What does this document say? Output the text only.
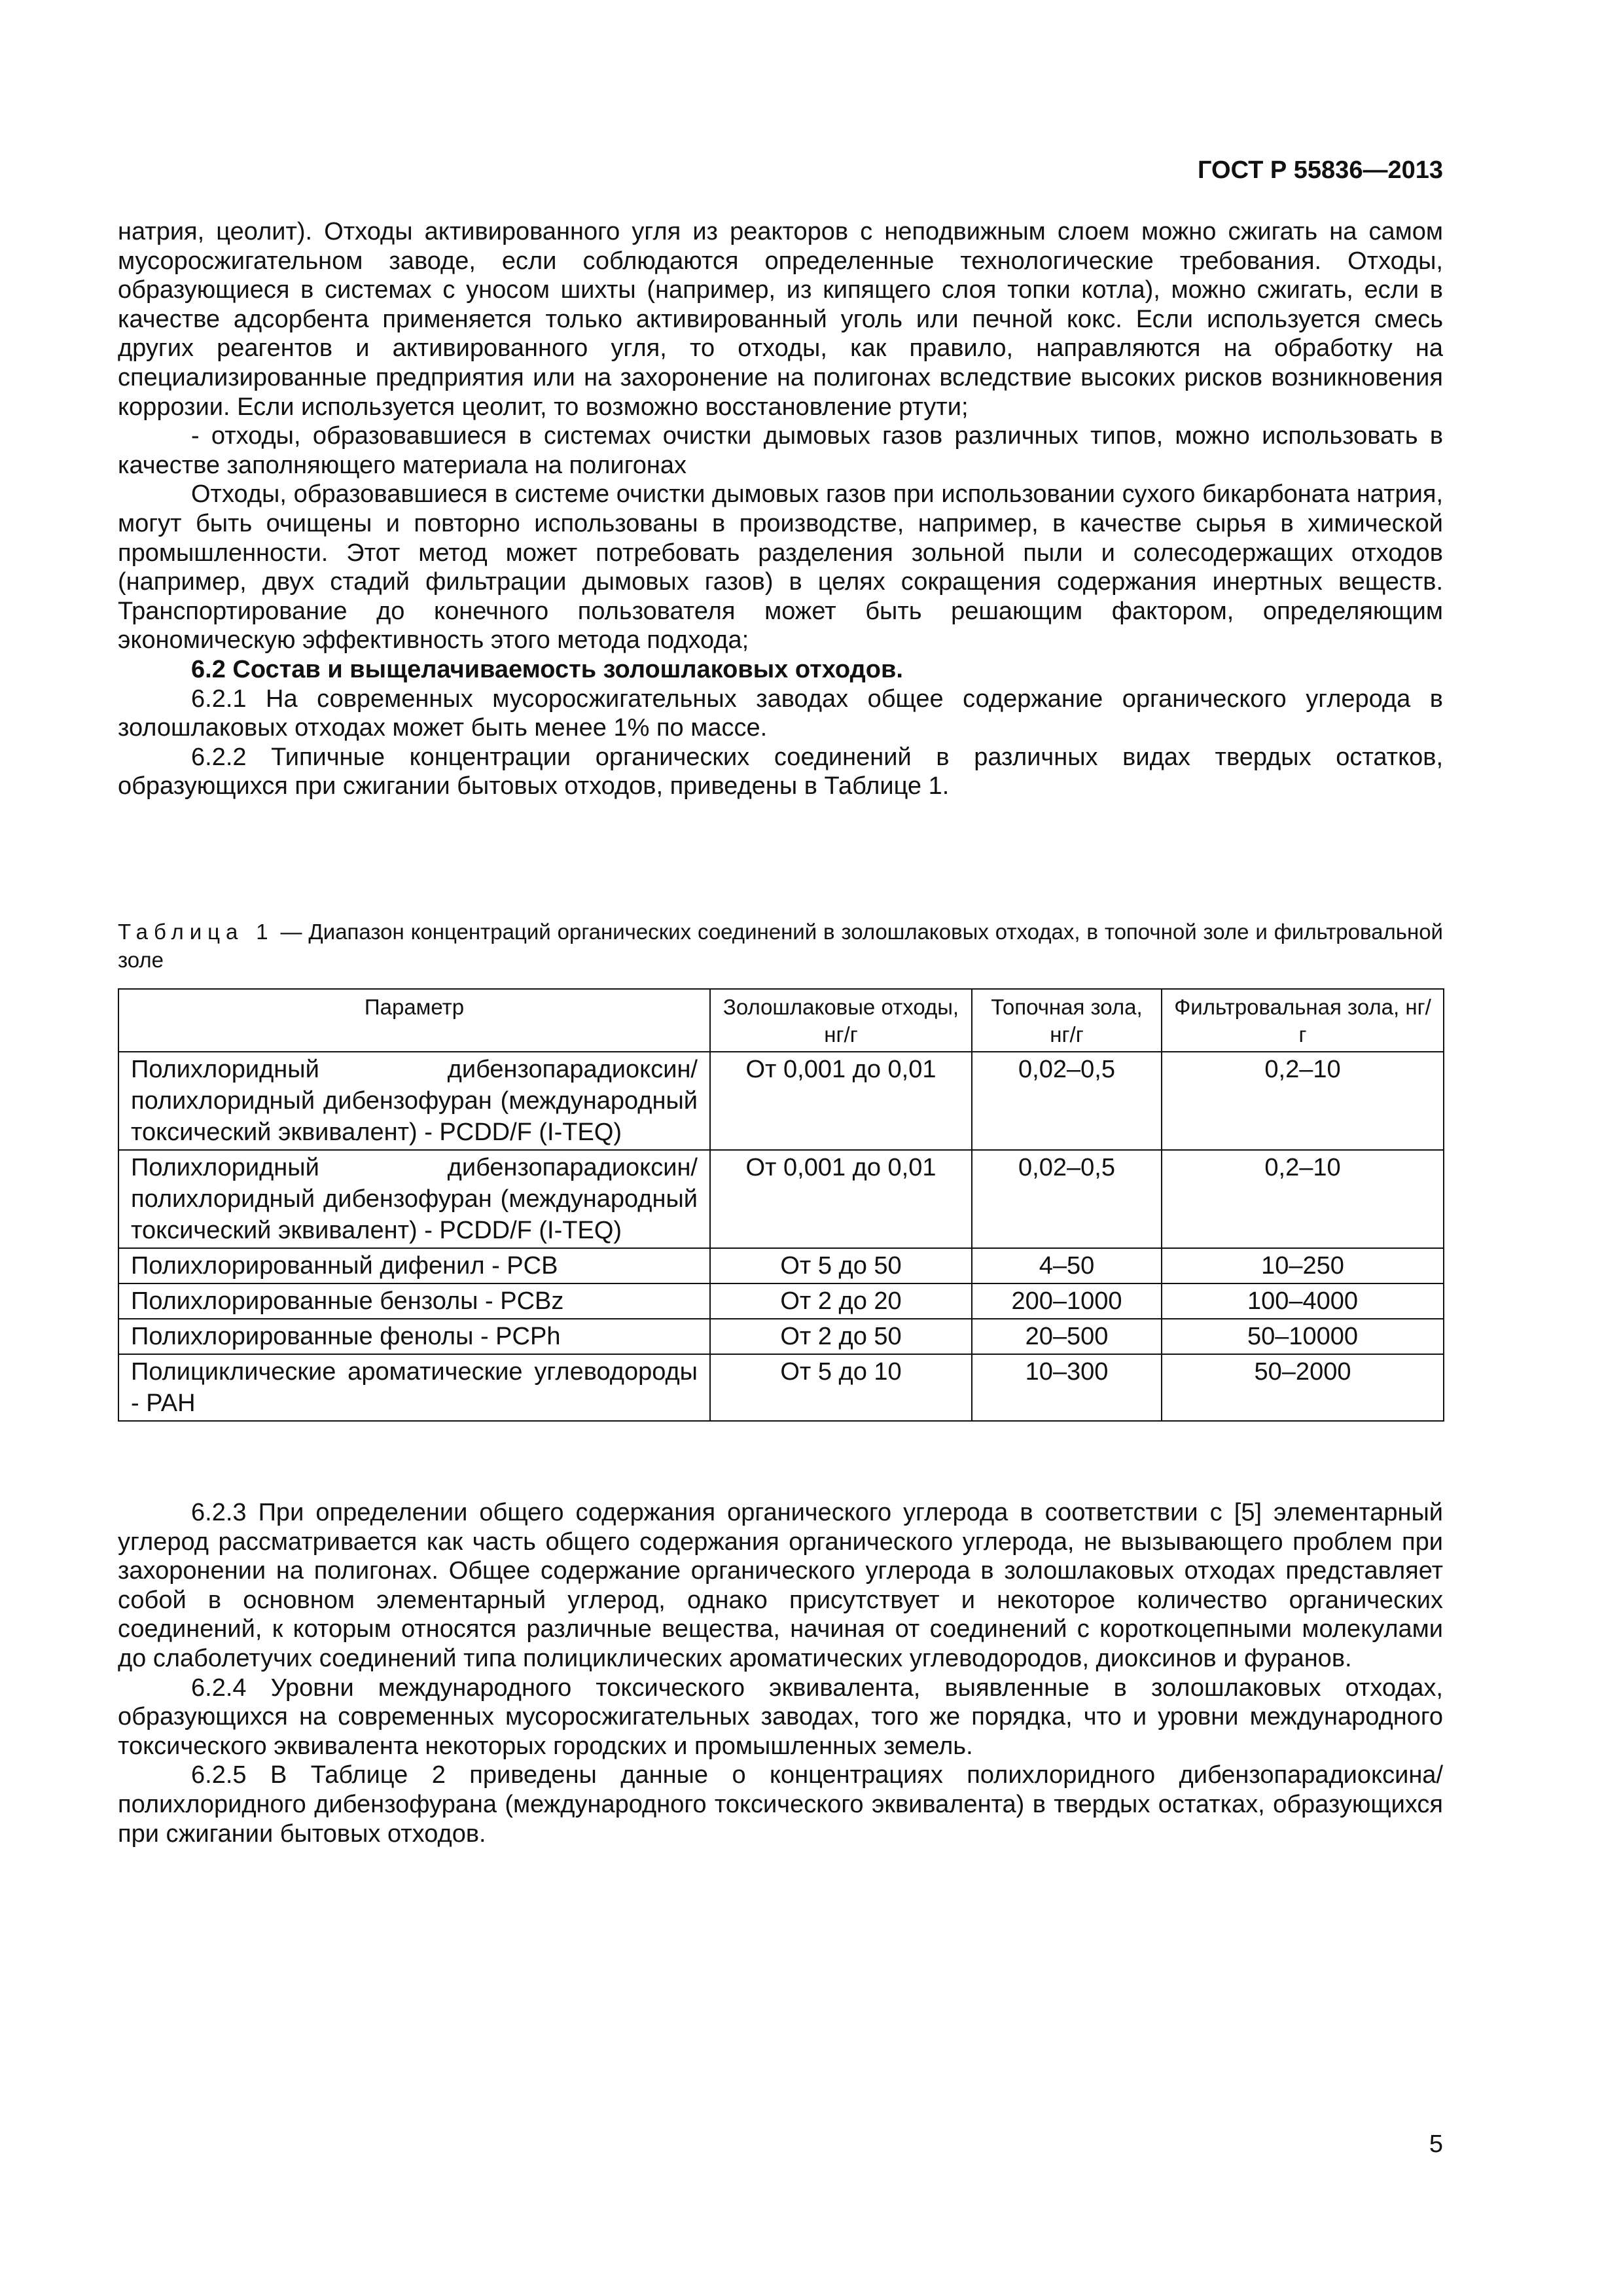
ГОСТ Р 55836—2013

натрия, цеолит). Отходы активированного угля из реакторов с неподвижным слоем можно сжигать на самом мусоросжигательном заводе, если соблюдаются определенные технологические требования. Отходы, образующиеся в системах с уносом шихты (например, из кипящего слоя топки котла), можно сжигать, если в качестве адсорбента применяется только активированный уголь или печной кокс. Если используется смесь других реагентов и активированного угля, то отходы, как правило, направляются на обработку на специализированные предприятия или на захоронение на полигонах вследствие высоких рисков возникновения коррозии. Если используется цеолит, то возможно восстановление ртути;

- отходы, образовавшиеся в системах очистки дымовых газов различных типов, можно использовать в качестве заполняющего материала на полигонах

Отходы, образовавшиеся в системе очистки дымовых газов при использовании сухого бикарбоната натрия, могут быть очищены и повторно использованы в производстве, например, в качестве сырья в химической промышленности. Этот метод может потребовать разделения зольной пыли и солесодержащих отходов (например, двух стадий фильтрации дымовых газов) в целях сокращения содержания инертных веществ. Транспортирование до конечного пользователя может быть решающим фактором, определяющим экономическую эффективность этого метода подхода;

6.2 Состав и выщелачиваемость золошлаковых отходов.

6.2.1 На современных мусоросжигательных заводах общее содержание органического углерода в золошлаковых отходах может быть менее 1% по массе.

6.2.2 Типичные концентрации органических соединений в различных видах твердых остатков, образующихся при сжигании бытовых отходов, приведены в Таблице 1.

Таблица 1 — Диапазон концентраций органических соединений в золошлаковых отходах, в топочной золе и фильтровальной золе
Параметр	Золошлаковые отходы, нг/г	Топочная зола, нг/г	Фильтровальная зола, нг/г
Полихлоридный дибензопарадиоксин/полихлоридный дибензофуран (международный токсический эквивалент) - PCDD/F (I-TEQ)	От 0,001 до 0,01	0,02–0,5	0,2–10
Полихлоридный дибензопарадиоксин/полихлоридный дибензофуран (международный токсический эквивалент) - PCDD/F (I-TEQ)	От 0,001 до 0,01	0,02–0,5	0,2–10
Полихлорированный дифенил - PCB	От 5 до 50	4–50	10–250
Полихлорированные бензолы - PCBz	От 2 до 20	200–1000	100–4000
Полихлорированные фенолы - PCPh	От 2 до 50	20–500	50–10000
Полициклические ароматические углеводороды - PAH	От 5 до 10	10–300	50–2000

6.2.3 При определении общего содержания органического углерода в соответствии с [5] элементарный углерод рассматривается как часть общего содержания органического углерода, не вызывающего проблем при захоронении на полигонах. Общее содержание органического углерода в золошлаковых отходах представляет собой в основном элементарный углерод, однако присутствует и некоторое количество органических соединений, к которым относятся различные вещества, начиная от соединений с короткоцепными молекулами до слаболетучих соединений типа полициклических ароматических углеводородов, диоксинов и фуранов.

6.2.4 Уровни международного токсического эквивалента, выявленные в золошлаковых отходах, образующихся на современных мусоросжигательных заводах, того же порядка, что и уровни международного токсического эквивалента некоторых городских и промышленных земель.

6.2.5 В Таблице 2 приведены данные о концентрациях полихлоридного дибензопарадиоксина/полихлоридного дибензофурана (международного токсического эквивалента) в твердых остатках, образующихся при сжигании бытовых отходов.

5
